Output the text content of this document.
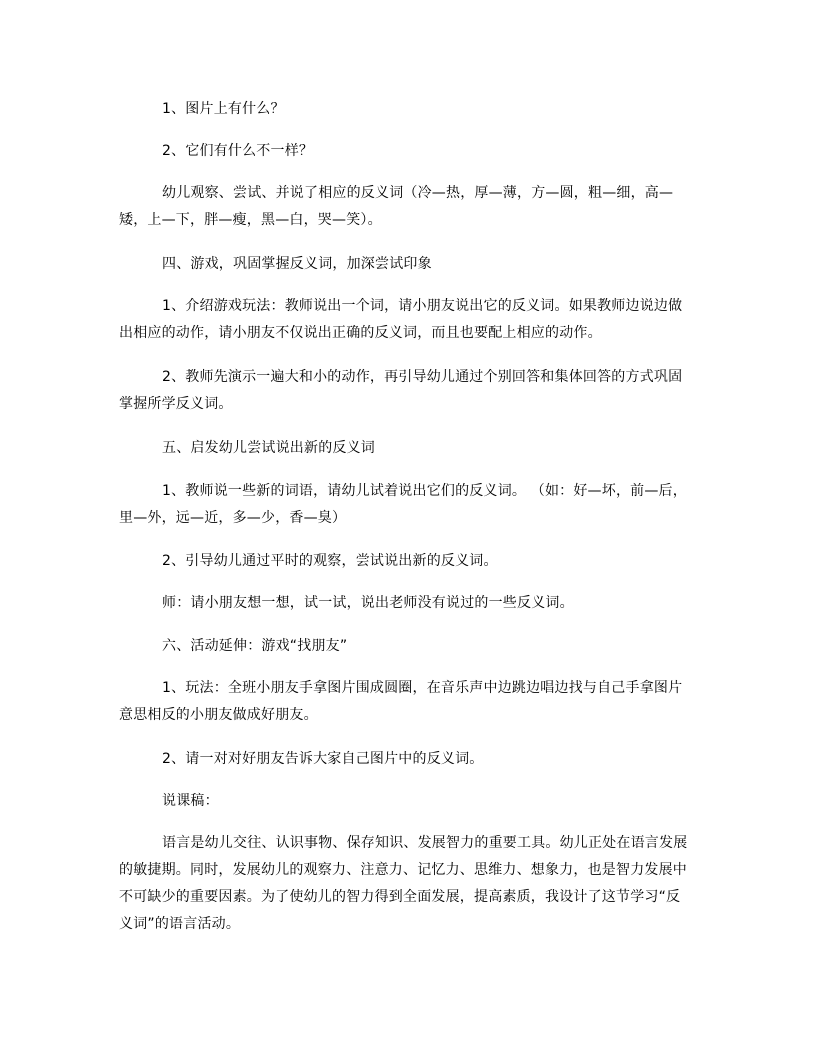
1、图片上有什么？

2、它们有什么不一样？

幼儿观察、尝试、并说了相应的反义词（冷—热，厚—薄，方—圆，粗—细，高—矮，上—下，胖—瘦，黑—白，哭—笑）。

四、游戏，巩固掌握反义词，加深尝试印象

1、介绍游戏玩法：教师说出一个词，请小朋友说出它的反义词。如果教师边说边做出相应的动作，请小朋友不仅说出正确的反义词，而且也要配上相应的动作。

2、教师先演示一遍大和小的动作，再引导幼儿通过个别回答和集体回答的方式巩固掌握所学反义词。

五、启发幼儿尝试说出新的反义词

1、教师说一些新的词语，请幼儿试着说出它们的反义词。 （如：好—坏，前—后，里—外，远—近，多—少，香—臭）

2、引导幼儿通过平时的观察，尝试说出新的反义词。

师：请小朋友想一想，试一试，说出老师没有说过的一些反义词。

六、活动延伸：游戏“找朋友”

1、玩法：全班小朋友手拿图片围成圆圈，在音乐声中边跳边唱边找与自己手拿图片意思相反的小朋友做成好朋友。

2、请一对对好朋友告诉大家自己图片中的反义词。

说课稿：

语言是幼儿交往、认识事物、保存知识、发展智力的重要工具。幼儿正处在语言发展的敏捷期。同时，发展幼儿的观察力、注意力、记忆力、思维力、想象力，也是智力发展中不可缺少的重要因素。为了使幼儿的智力得到全面发展，提高素质，我设计了这节学习“反义词”的语言活动。
